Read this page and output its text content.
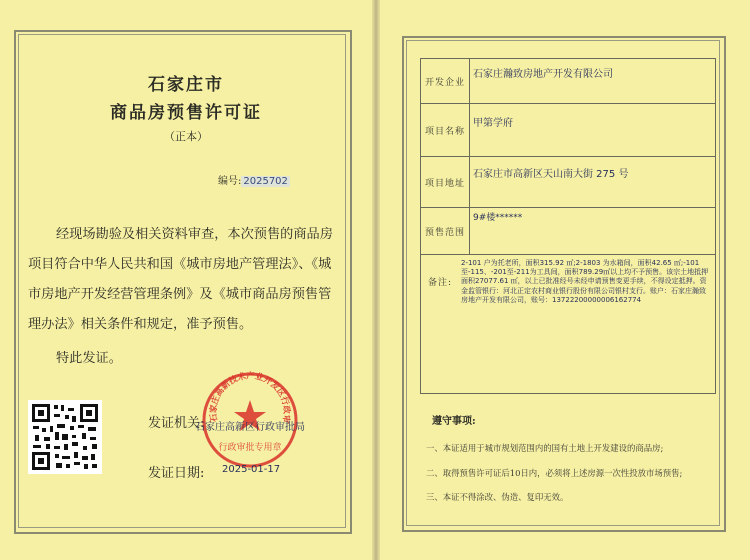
石家庄市
商品房预售许可证
（正本）
编号: 2025702
经现场勘验及相关资料审查，本次预售的商品房项目符合中华人民共和国《城市房地产管理法》、《城市房地产开发经营管理条例》及《城市商品房预售管理办法》相关条件和规定，准予预售。
特此发证。
发证机关:
发证日期:
石家庄高新技术产业开发区行政审
行政审批专用章
石家庄高新区行政审批局
2025-01-17
开发企业
石家庄瀚致房地产开发有限公司
项目名称
甲第学府
项目地址
石家庄市高新区天山南大街 275 号
预售范围
9#楼******
备注:
2-101 户为托老所，面积315.92 ㎡;2-1803 为水箱间，面积42.65 ㎡;-101 至-115、-201至-211为工具间，面积789.29㎡以上均不予预售。该宗土地抵押面积27077.61 ㎡，以上已批准经号未经申请预售变更手续，不得设定抵押。资金监管银行：河北正定农村商业银行股份有限公司银村支行。账户：石家庄瀚致房地产开发有限公司，账号：1372220000000616277​4
遵守事项:
一、本证适用于城市规划范围内的国有土地上开发建设的商品房;
二、取得预售许可证后10日内，必须将上述房源一次性投放市场预售;
三、本证不得涂改、伪造、复印无效。
